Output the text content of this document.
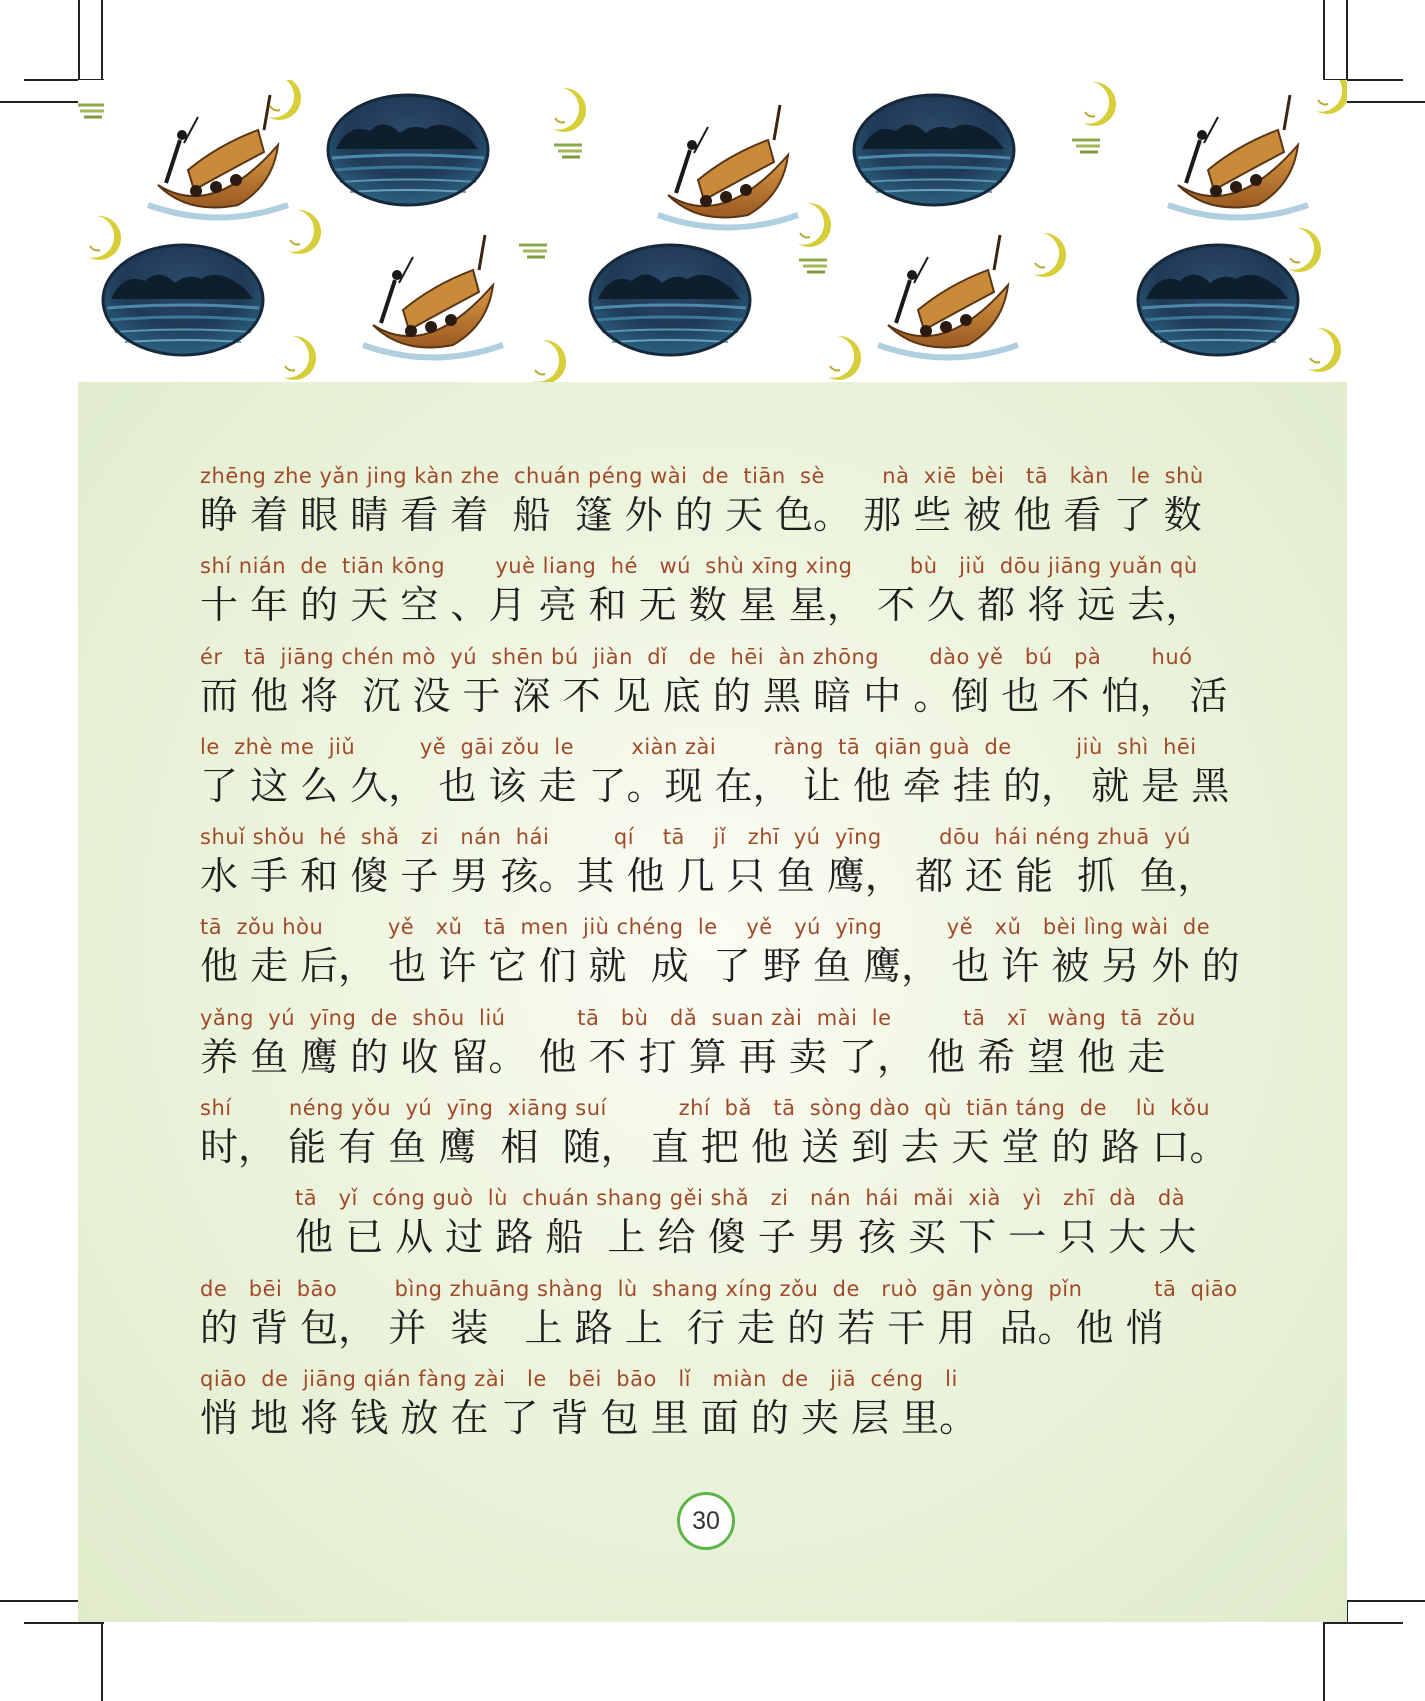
zhēng zhe yǎn jing kàn zhe  chuán péng wài  de  tiān  sè        nà  xiē  bèi   tā   kàn   le  shù
睁 着 眼 睛 看 着  船  篷 外 的 天 色。 那 些 被 他 看 了 数
shí nián  de  tiān kōng       yuè liang  hé   wú  shù xīng xing        bù   jiǔ  dōu jiāng yuǎn qù
十 年 的 天 空 、月 亮 和 无 数 星 星， 不 久 都 将 远 去，
ér   tā  jiāng chén mò  yú  shēn bú  jiàn  dǐ   de  hēi  àn zhōng       dào yě   bú   pà       huó
而 他 将  沉 没 于 深 不 见 底 的 黑 暗 中 。倒 也 不 怕， 活
le  zhè me  jiǔ         yě  gāi zǒu  le        xiàn zài        ràng  tā  qiān guà  de         jiù  shì  hēi
了 这 么 久， 也 该 走 了。现 在， 让 他 牵 挂 的， 就 是 黑
shuǐ shǒu  hé  shǎ   zi   nán  hái         qí    tā    jǐ   zhī  yú  yīng        dōu  hái néng zhuā  yú
水 手 和 傻 子 男 孩。其 他 几 只 鱼 鹰， 都 还 能  抓  鱼，
tā  zǒu hòu         yě   xǔ   tā  men  jiù chéng  le    yě   yú  yīng         yě   xǔ   bèi lìng wài  de
他 走 后， 也 许 它 们 就  成  了 野 鱼 鹰， 也 许 被 另 外 的
yǎng  yú  yīng  de  shōu  liú          tā   bù   dǎ  suan zài  mài  le          tā   xī   wàng  tā  zǒu
养 鱼 鹰 的 收 留。 他 不 打 算 再 卖 了， 他 希 望 他 走
shí        néng yǒu  yú  yīng  xiāng suí          zhí  bǎ   tā  sòng dào  qù  tiān táng  de    lù  kǒu
时， 能 有 鱼 鹰  相  随， 直 把 他 送 到 去 天 堂 的 路 口。
tā   yǐ  cóng guò  lù  chuán shang gěi shǎ   zi   nán  hái  mǎi  xià   yì   zhī  dà   dà
他 已 从 过 路 船  上 给 傻 子 男 孩 买 下 一 只 大 大
de   bēi  bāo        bìng zhuāng shàng  lù  shang xíng zǒu  de   ruò  gān yòng  pǐn          tā  qiāo
的 背 包， 并  装   上 路 上  行 走 的 若 干 用  品。他 悄
qiāo  de  jiāng qián fàng zài   le   bēi  bāo   lǐ   miàn  de   jiā  céng   li
悄 地 将 钱 放 在 了 背 包 里 面 的 夹 层 里。
30
